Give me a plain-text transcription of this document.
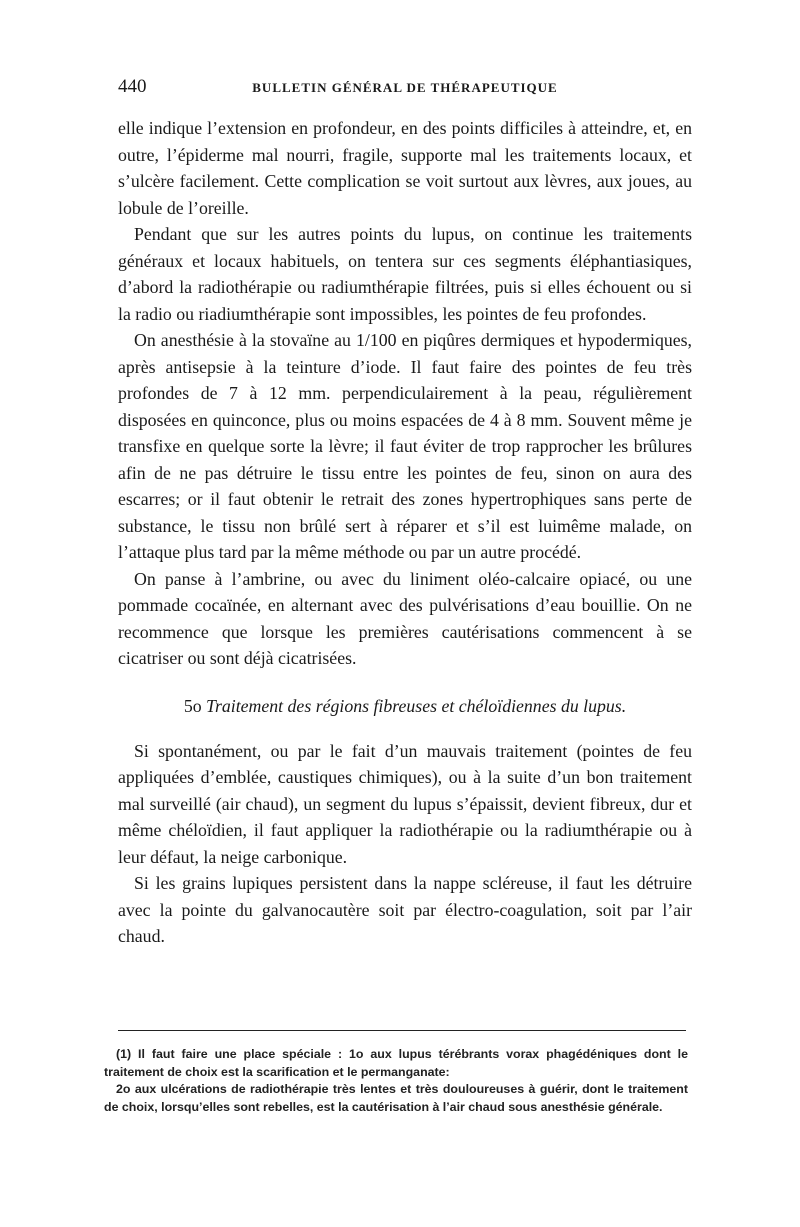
440	BULLETIN GÉNÉRAL DE THÉRAPEUTIQUE

elle indique l’extension en profondeur, en des points difficiles à atteindre, et, en outre, l’épiderme mal nourri, fragile, supporte mal les traitements locaux, et s’ulcère facilement. Cette complication se voit surtout aux lèvres, aux joues, au lobule de l’oreille.

Pendant que sur les autres points du lupus, on continue les traitements généraux et locaux habituels, on tentera sur ces segments éléphantiasiques, d’abord la radiothérapie ou radiumthérapie filtrées, puis si elles échouent ou si la radio ou riadiumthérapie sont impossibles, les pointes de feu profondes.

On anesthésie à la stovaïne au 1/100 en piqûres dermiques et hypodermiques, après antisepsie à la teinture d’iode. Il faut faire des pointes de feu très profondes de 7 à 12 mm. perpendiculairement à la peau, régulièrement disposées en quinconce, plus ou moins espacées de 4 à 8 mm. Souvent même je transfixe en quelque sorte la lèvre; il faut éviter de trop rapprocher les brûlures afin de ne pas détruire le tissu entre les pointes de feu, sinon on aura des escarres; or il faut obtenir le retrait des zones hypertrophiques sans perte de substance, le tissu non brûlé sert à réparer et s’il est luimême malade, on l’attaque plus tard par la même méthode ou par un autre procédé.

On panse à l’ambrine, ou avec du liniment oléo-calcaire opiacé, ou une pommade cocaïnée, en alternant avec des pulvérisations d’eau bouillie. On ne recommence que lorsque les premières cautérisations commencent à se cicatriser ou sont déjà cicatrisées.

5o Traitement des régions fibreuses et chéloïdiennes du lupus.

Si spontanément, ou par le fait d’un mauvais traitement (pointes de feu appliquées d’emblée, caustiques chimiques), ou à la suite d’un bon traitement mal surveillé (air chaud), un segment du lupus s’épaissit, devient fibreux, dur et même chéloïdien, il faut appliquer la radiothérapie ou la radiumthérapie ou à leur défaut, la neige carbonique.

Si les grains lupiques persistent dans la nappe scléreuse, il faut les détruire avec la pointe du galvanocautère soit par électro-coagulation, soit par l’air chaud.

(1) Il faut faire une place spéciale : 1o aux lupus térébrants vorax phagédéniques dont le traitement de choix est la scarification et le permanganate:

2o aux ulcérations de radiothérapie très lentes et très douloureuses à guérir, dont le traitement de choix, lorsqu’elles sont rebelles, est la cautérisation à l’air chaud sous anesthésie générale.
